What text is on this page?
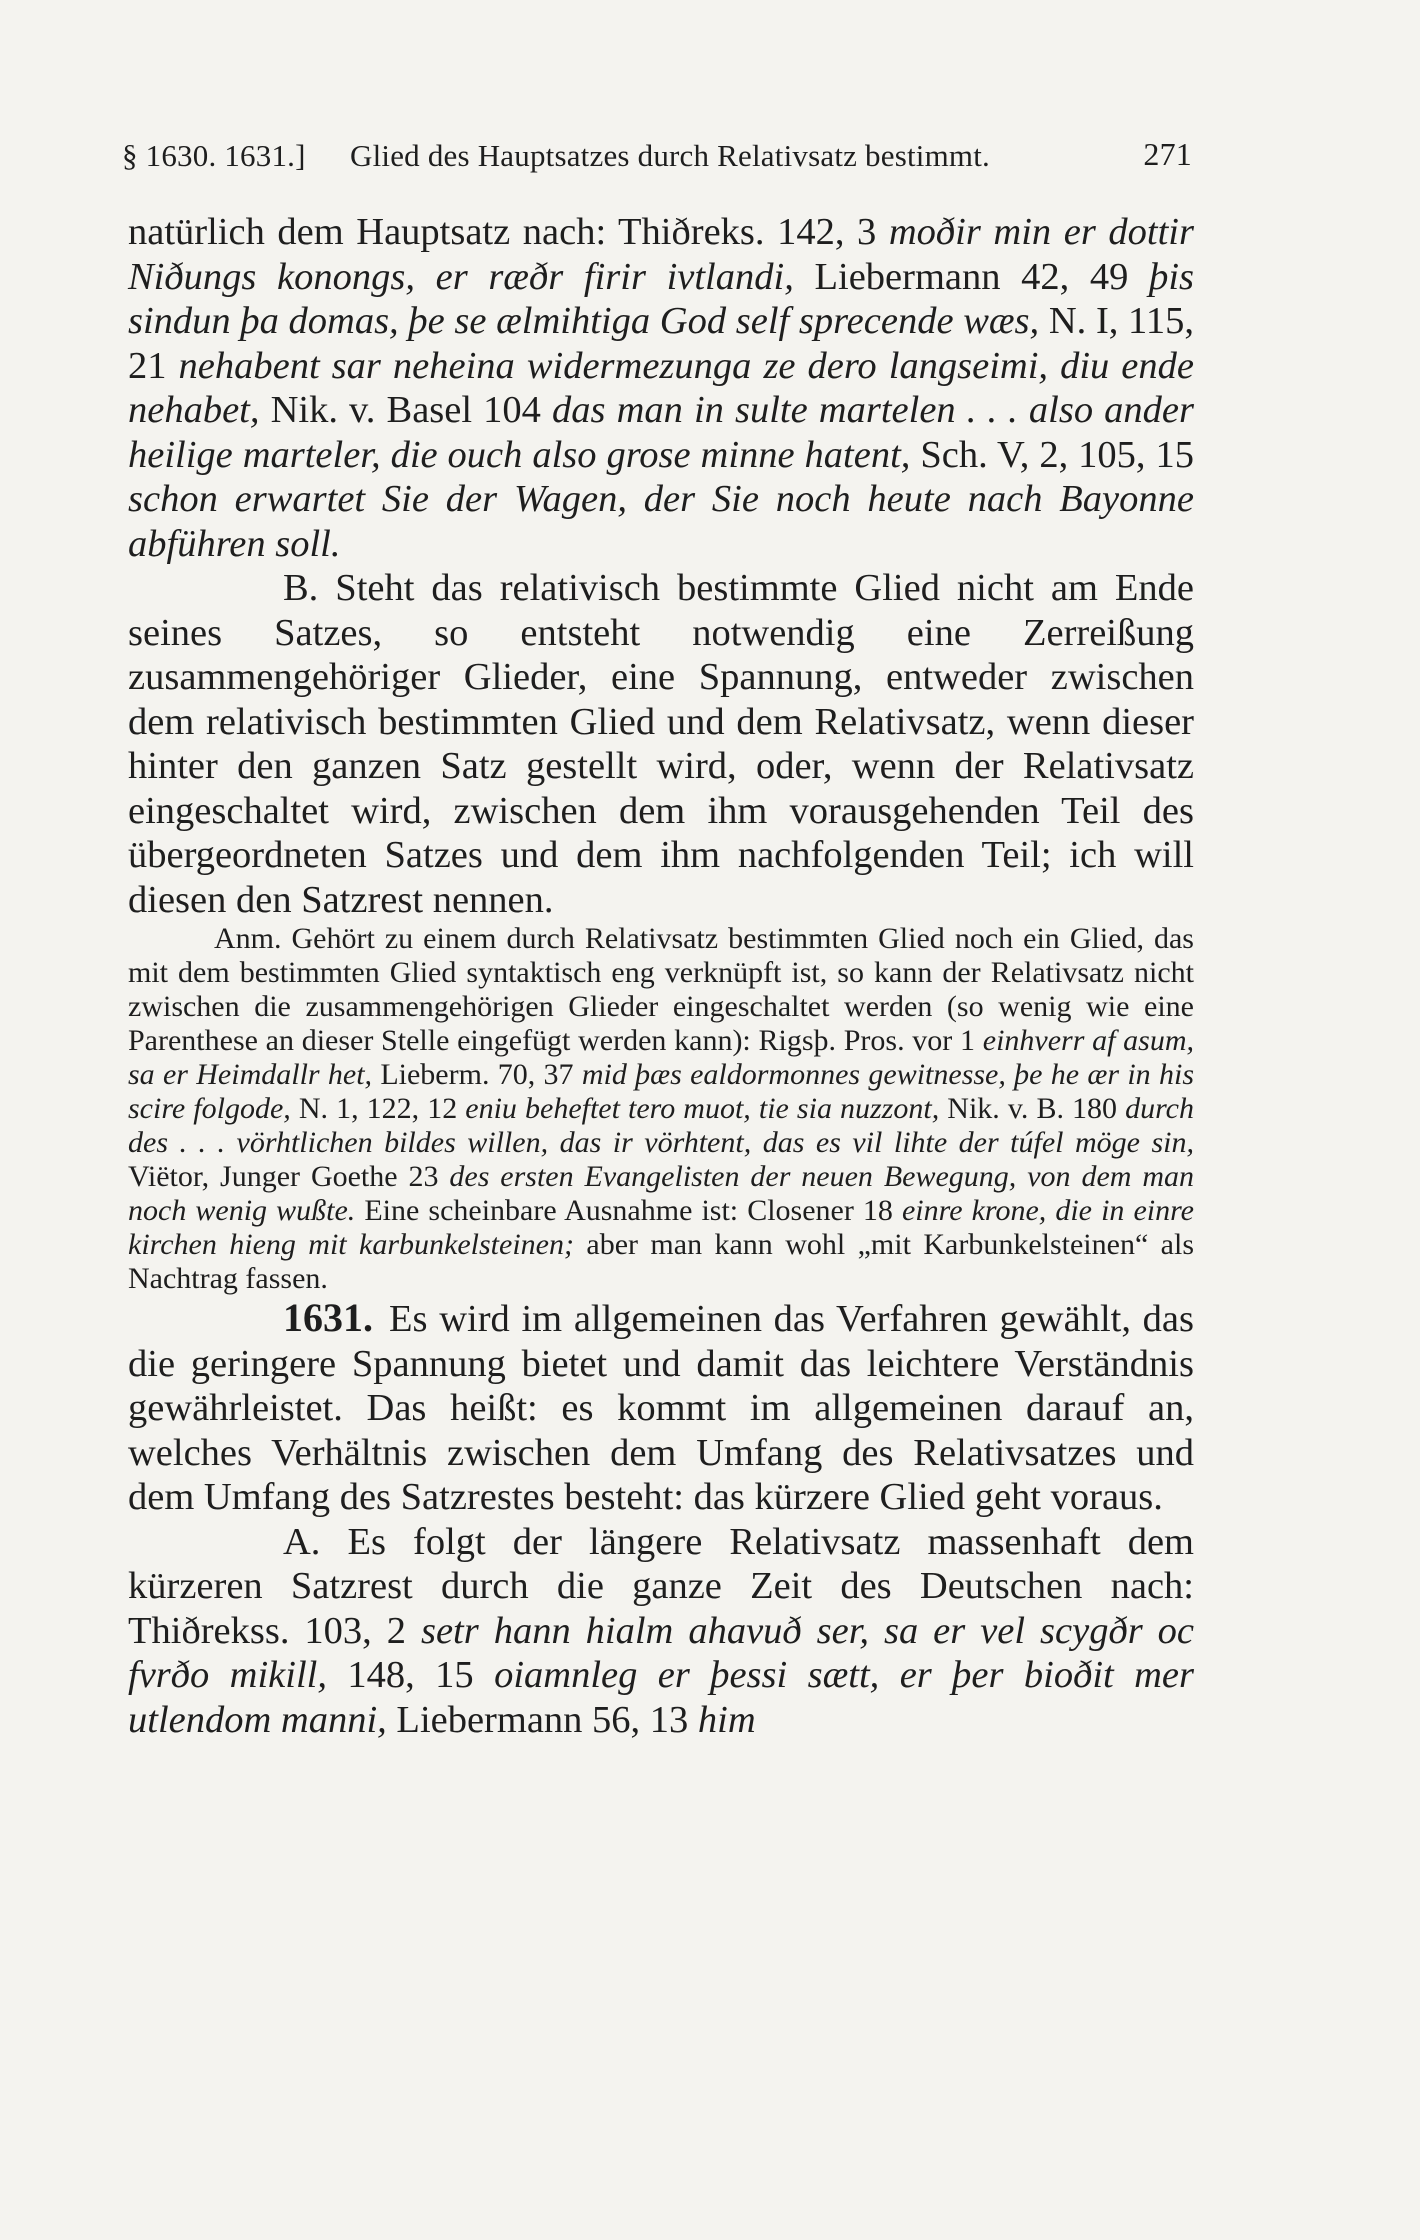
§ 1630. 1631.] Glied des Hauptsatzes durch Relativsatz bestimmt.	271

natürlich dem Hauptsatz nach: Thiðreks. 142, 3 moðir min er dottir Niðungs konongs, er ræðr firir ivtlandi, Liebermann 42, 49 þis sindun þa domas, þe se ælmihtiga God self sprecende wæs, N. I, 115, 21 nehabent sar neheina widermezunga ze dero langseimi, diu ende nehabet, Nik. v. Basel 104 das man in sulte martelen . . . also ander heilige marteler, die ouch also grose minne hatent, Sch. V, 2, 105, 15 schon erwartet Sie der Wagen, der Sie noch heute nach Bayonne abführen soll.

B. Steht das relativisch bestimmte Glied nicht am Ende seines Satzes, so entsteht notwendig eine Zerreißung zusammengehöriger Glieder, eine Spannung, entweder zwischen dem relativisch bestimmten Glied und dem Relativsatz, wenn dieser hinter den ganzen Satz gestellt wird, oder, wenn der Relativsatz eingeschaltet wird, zwischen dem ihm vorausgehenden Teil des übergeordneten Satzes und dem ihm nachfolgenden Teil; ich will diesen den Satzrest nennen.

Anm. Gehört zu einem durch Relativsatz bestimmten Glied noch ein Glied, das mit dem bestimmten Glied syntaktisch eng verknüpft ist, so kann der Relativsatz nicht zwischen die zusammengehörigen Glieder eingeschaltet werden (so wenig wie eine Parenthese an dieser Stelle eingefügt werden kann): Rigsþ. Pros. vor 1 einhverr af asum, sa er Heimdallr het, Lieberm. 70, 37 mid þæs ealdormonnes gewitnesse, þe he ær in his scire folgode, N. 1, 122, 12 eniu beheftet tero muot, tie sia nuzzont, Nik. v. B. 180 durch des . . . vörhtlichen bildes willen, das ir vörhtent, das es vil lihte der túfel möge sin, Viëtor, Junger Goethe 23 des ersten Evangelisten der neuen Bewegung, von dem man noch wenig wußte. Eine scheinbare Ausnahme ist: Closener 18 einre krone, die in einre kirchen hieng mit karbunkelsteinen; aber man kann wohl „mit Karbunkelsteinen“ als Nachtrag fassen.

1631. Es wird im allgemeinen das Verfahren gewählt, das die geringere Spannung bietet und damit das leichtere Verständnis gewährleistet. Das heißt: es kommt im allgemeinen darauf an, welches Verhältnis zwischen dem Umfang des Relativsatzes und dem Umfang des Satzrestes besteht: das kürzere Glied geht voraus.

A. Es folgt der längere Relativsatz massenhaft dem kürzeren Satzrest durch die ganze Zeit des Deutschen nach: Thiðrekss. 103, 2 setr hann hialm ahavuð ser, sa er vel scygðr oc fvrðo mikill, 148, 15 oiamnleg er þessi sætt, er þer bioðit mer utlendom manni, Liebermann 56, 13 him
